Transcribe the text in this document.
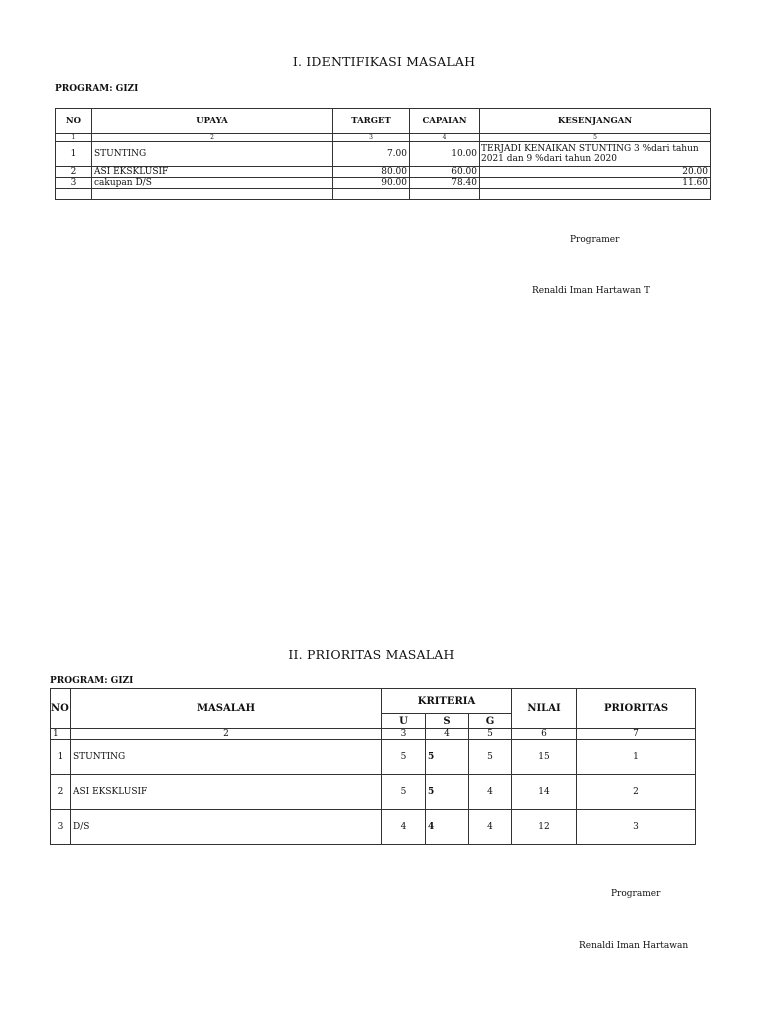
I. IDENTIFIKASI MASALAH
PROGRAM: GIZI
NO	UPAYA	TARGET	CAPAIAN	KESENJANGAN
1	2	3	4	5
1	STUNTING	7.00	10.00	TERJADI KENAIKAN STUNTING 3 %dari tahun 2021 dan 9 %dari tahun 2020
2	ASI EKSKLUSIF	80.00	60.00	20.00
3	cakupan D/S	90.00	78.40	11.60

Programer
Renaldi Iman Hartawan T
II. PRIORITAS MASALAH
PROGRAM: GIZI
NO	MASALAH	KRITERIA			NILAI	PRIORITAS
		U	S	G		
1	2	3	4	5	6	7
1	STUNTING	5	5	5	15	1
2	ASI EKSKLUSIF	5	5	4	14	2
3	D/S	4	4	4	12	3
Programer
Renaldi Iman Hartawan
